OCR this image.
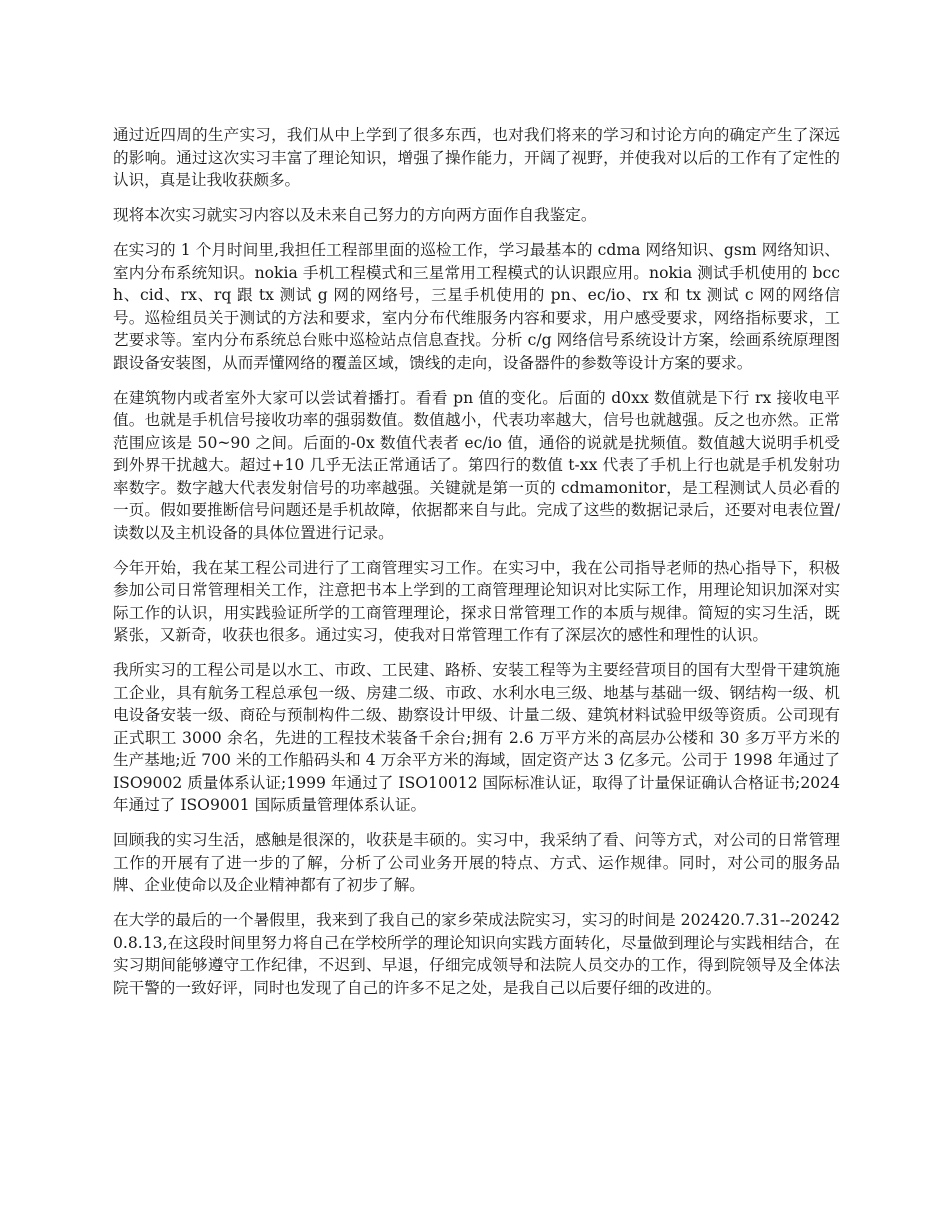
通过近四周的生产实习，我们从中上学到了很多东西，也对我们将来的学习和讨论方向的确定产生了深远的影响。通过这次实习丰富了理论知识，增强了操作能力，开阔了视野，并使我对以后的工作有了定性的认识，真是让我收获颇多。

现将本次实习就实习内容以及未来自己努力的方向两方面作自我鉴定。

在实习的 1 个月时间里,我担任工程部里面的巡检工作，学习最基本的 cdma 网络知识、gsm 网络知识、室内分布系统知识。nokia 手机工程模式和三星常用工程模式的认识跟应用。nokia 测试手机使用的 bcch、cid、rx、rq 跟 tx 测试 g 网的网络号，三星手机使用的 pn、ec/io、rx 和 tx 测试 c 网的网络信号。巡检组员关于测试的方法和要求，室内分布代维服务内容和要求，用户感受要求，网络指标要求，工艺要求等。室内分布系统总台账中巡检站点信息查找。分析 c/g 网络信号系统设计方案，绘画系统原理图跟设备安装图，从而弄懂网络的覆盖区域，馈线的走向，设备器件的参数等设计方案的要求。

在建筑物内或者室外大家可以尝试着播打。看看 pn 值的变化。后面的 d0xx 数值就是下行 rx 接收电平值。也就是手机信号接收功率的强弱数值。数值越小，代表功率越大，信号也就越强。反之也亦然。正常范围应该是 50~90 之间。后面的-0x 数值代表者 ec/io 值，通俗的说就是扰频值。数值越大说明手机受到外界干扰越大。超过+10 几乎无法正常通话了。第四行的数值 t-xx 代表了手机上行也就是手机发射功率数字。数字越大代表发射信号的功率越强。关键就是第一页的 cdmamonitor，是工程测试人员必看的一页。假如要推断信号问题还是手机故障，依据都来自与此。完成了这些的数据记录后，还要对电表位置/读数以及主机设备的具体位置进行记录。

今年开始，我在某工程公司进行了工商管理实习工作。在实习中，我在公司指导老师的热心指导下，积极参加公司日常管理相关工作，注意把书本上学到的工商管理理论知识对比实际工作，用理论知识加深对实际工作的认识，用实践验证所学的工商管理理论，探求日常管理工作的本质与规律。简短的实习生活，既紧张，又新奇，收获也很多。通过实习，使我对日常管理工作有了深层次的感性和理性的认识。

我所实习的工程公司是以水工、市政、工民建、路桥、安装工程等为主要经营项目的国有大型骨干建筑施工企业，具有航务工程总承包一级、房建二级、市政、水利水电三级、地基与基础一级、钢结构一级、机电设备安装一级、商砼与预制构件二级、勘察设计甲级、计量二级、建筑材料试验甲级等资质。公司现有正式职工 3000 余名，先进的工程技术装备千余台;拥有 2.6 万平方米的高层办公楼和 30 多万平方米的生产基地;近 700 米的工作船码头和 4 万余平方米的海域，固定资产达 3 亿多元。公司于 1998 年通过了 ISO9002 质量体系认证;1999 年通过了 ISO10012 国际标准认证，取得了计量保证确认合格证书;2024 年通过了 ISO9001 国际质量管理体系认证。

回顾我的实习生活，感触是很深的，收获是丰硕的。实习中，我采纳了看、问等方式，对公司的日常管理工作的开展有了进一步的了解，分析了公司业务开展的特点、方式、运作规律。同时，对公司的服务品牌、企业使命以及企业精神都有了初步了解。

在大学的最后的一个暑假里，我来到了我自己的家乡荣成法院实习，实习的时间是 202420.7.31--202420.8.13,在这段时间里努力将自己在学校所学的理论知识向实践方面转化，尽量做到理论与实践相结合，在实习期间能够遵守工作纪律，不迟到、早退，仔细完成领导和法院人员交办的工作，得到院领导及全体法院干警的一致好评，同时也发现了自己的许多不足之处，是我自己以后要仔细的改进的。
